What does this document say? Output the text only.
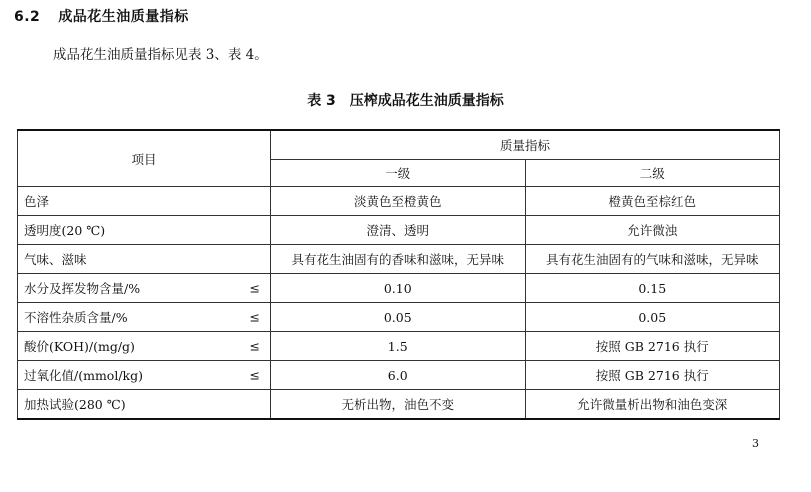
6.2 成品花生油质量指标
成品花生油质量指标见表 3、表 4。
表 3　压榨成品花生油质量指标
项目	质量指标	
	一级	二级
色泽	淡黄色至橙黄色	橙黄色至棕红色
透明度(20 ℃)	澄清、透明	允许微浊
气味、滋味	具有花生油固有的香味和滋味，无异味	具有花生油固有的气味和滋味，无异味
水分及挥发物含量/% ≤	0.10	0.15
不溶性杂质含量/% ≤	0.05	0.05
酸价(KOH)/(mg/g) ≤	1.5	按照 GB 2716 执行
过氧化值/(mmol/kg) ≤	6.0	按照 GB 2716 执行
加热试验(280 ℃)	无析出物，油色不变	允许微量析出物和油色变深
3
